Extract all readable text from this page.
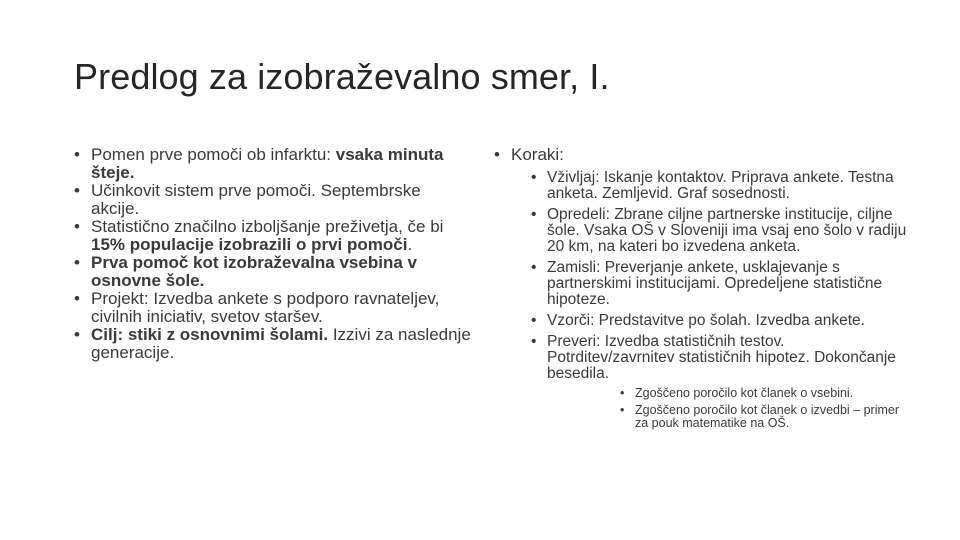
Predlog za izobraževalno smer, I.
• Pomen prve pomoči ob infarktu: vsaka minuta šteje.
• Učinkovit sistem prve pomoči. Septembrske akcije.
• Statistično značilno izboljšanje preživetja, če bi 15% populacije izobrazili o prvi pomoči.
• Prva pomoč kot izobraževalna vsebina v osnovne šole.
• Projekt: Izvedba ankete s podporo ravnateljev, civilnih iniciativ, svetov staršev.
• Cilj: stiki z osnovnimi šolami. Izzivi za naslednje generacije.
• Koraki:
• Vživljaj: Iskanje kontaktov. Priprava ankete. Testna anketa. Zemljevid. Graf sosednosti.
• Opredeli: Zbrane ciljne partnerske institucije, ciljne šole. Vsaka OŠ v Sloveniji ima vsaj eno šolo v radiju 20 km, na kateri bo izvedena anketa.
• Zamisli: Preverjanje ankete, usklajevanje s partnerskimi institucijami. Opredeljene statistične hipoteze.
• Vzorči: Predstavitve po šolah. Izvedba ankete.
• Preveri: Izvedba statističnih testov. Potrditev/zavrnitev statističnih hipotez. Dokončanje besedila.
• Zgoščeno poročilo kot članek o vsebini.
• Zgoščeno poročilo kot članek o izvedbi – primer za pouk matematike na OŠ.
